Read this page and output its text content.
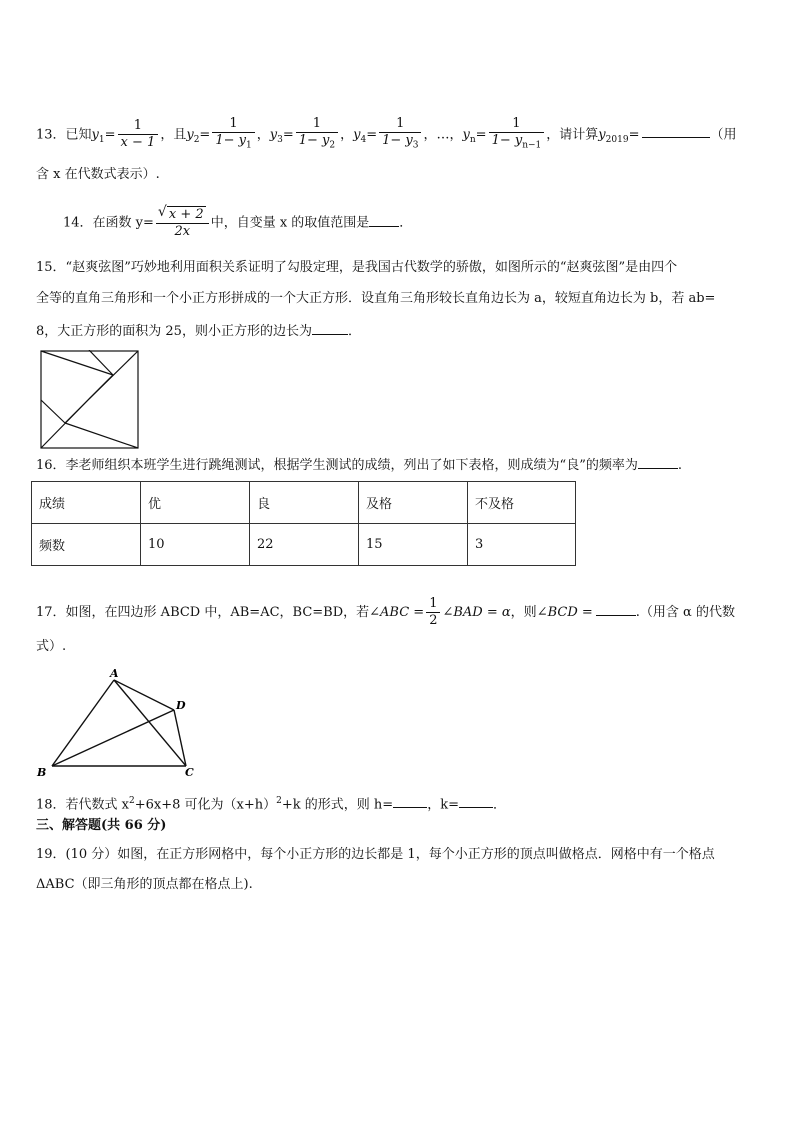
13．已知$y_1= \frac{1}{x - 1}$ ，且$y_2= \frac{1}{1- y_1}$ ，$y_3= \frac{1}{1- y_2}$ ，$y_4= \frac{1}{1- y_3}$ ，…，$y_n= \frac{1}{1- y_{n-1}}$ ，请计算$y_{2019}=$	（用
含 x 在代数式表示）.
14．在函数 y= √ $\frac{x + 2}{2x}$ 中，自变量 x 的取值范围是 ．
15．“赵爽弦图”巧妙地利用面积关系证明了勾股定理，是我国古代数学的骄傲，如图所示的“赵爽弦图”是由四个
全等的直角三角形和一个小正方形拼成的一个大正方形．设直角三角形较长直角边长为 a，较短直角边长为 b，若 ab=
8，大正方形的面积为 25，则小正方形的边长为	．
16．李老师组织本班学生进行跳绳测试，根据学生测试的成绩，列出了如下表格，则成绩为“良”的频率为	.
成绩	优	良	及格	不及格
频数	10	22	15	3
17．如图，在四边形 ABCD 中，AB=AC，BC=BD，若∠ABC = $\frac{1}{2}$ ∠BAD = α，则∠BCD =	.（用含 α 的代数
式）.
A
B	C
D
18．若代数式 $x^2+6x+8$ 可化为$(x+h)^2+k$ 的形式，则 h=	，k=	．
三、解答题(共 66 分)
19．(10 分）如图，在正方形网格中，每个小正方形的边长都是 1，每个小正方形的顶点叫做格点．网格中有一个格点
ΔABC（即三角形的顶点都在格点上).
